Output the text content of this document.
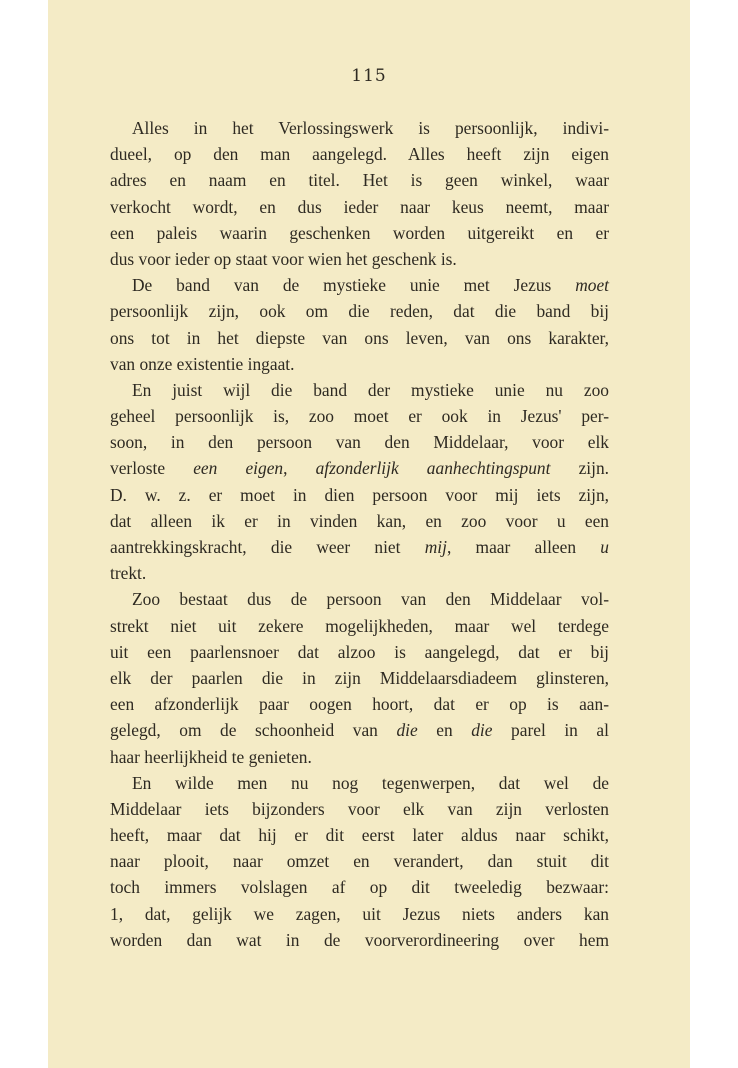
115
Alles in het Verlossingswerk is persoonlijk, indivi-
dueel, op den man aangelegd. Alles heeft zijn eigen
adres en naam en titel. Het is geen winkel, waar
verkocht wordt, en dus ieder naar keus neemt, maar
een paleis waarin geschenken worden uitgereikt en er
dus voor ieder op staat voor wien het geschenk is.
De band van de mystieke unie met Jezus moet
persoonlijk zijn, ook om die reden, dat die band bij
ons tot in het diepste van ons leven, van ons karakter,
van onze existentie ingaat.
En juist wijl die band der mystieke unie nu zoo
geheel persoonlijk is, zoo moet er ook in Jezus' per-
soon, in den persoon van den Middelaar, voor elk
verloste een eigen, afzonderlijk aanhechtingspunt zijn.
D. w. z. er moet in dien persoon voor mij iets zijn,
dat alleen ik er in vinden kan, en zoo voor u een
aantrekkingskracht, die weer niet mij, maar alleen u
trekt.
Zoo bestaat dus de persoon van den Middelaar vol-
strekt niet uit zekere mogelijkheden, maar wel terdege
uit een paarlensnoer dat alzoo is aangelegd, dat er bij
elk der paarlen die in zijn Middelaarsdiadeem glinsteren,
een afzonderlijk paar oogen hoort, dat er op is aan-
gelegd, om de schoonheid van die en die parel in al
haar heerlijkheid te genieten.
En wilde men nu nog tegenwerpen, dat wel de
Middelaar iets bijzonders voor elk van zijn verlosten
heeft, maar dat hij er dit eerst later aldus naar schikt,
naar plooit, naar omzet en verandert, dan stuit dit
toch immers volslagen af op dit tweeledig bezwaar:
1, dat, gelijk we zagen, uit Jezus niets anders kan
worden dan wat in de voorverordineering over hem
